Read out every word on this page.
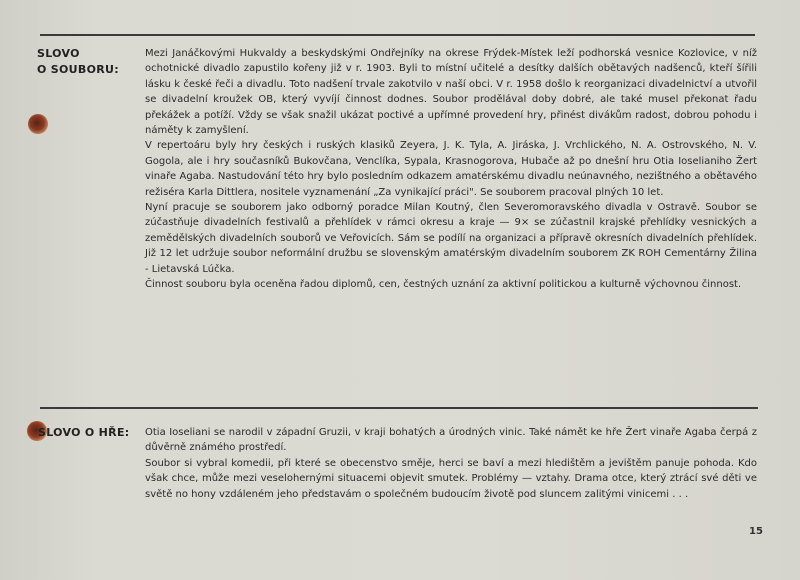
SLOVO
O SOUBORU:

Mezi Janáčkovými Hukvaldy a beskydskými Ondřejníky na okrese Frýdek-Místek leží podhorská vesnice Kozlovice, v níž ochotnické divadlo zapustilo kořeny již v r. 1903. Byli to místní učitelé a desítky dalších obětavých nadšenců, kteří šířili lásku k české řeči a divadlu. Toto nadšení trvale zakotvilo v naší obci. V r. 1958 došlo k reorganizaci divadelnictví a utvořil se divadelní kroužek OB, který vyvíjí činnost dodnes. Soubor prodělával doby dobré, ale také musel překonat řadu překážek a potíží. Vždy se však snažil ukázat poctivé a upřímné provedení hry, přinést divákům radost, dobrou pohodu i náměty k zamyšlení.

V repertoáru byly hry českých i ruských klasiků Zeyera, J. K. Tyla, A. Jiráska, J. Vrchlického, N. A. Ostrovského, N. V. Gogola, ale i hry současníků Bukovčana, Venclíka, Sypala, Krasnogorova, Hubače až po dnešní hru Otia Ioselianiho Žert vinaře Agaba. Nastudování této hry bylo posledním odkazem amatérskému divadlu neúnavného, nezištného a obětavého režiséra Karla Dittlera, nositele vyznamenání „Za vynikající práci". Se souborem pracoval plných 10 let.

Nyní pracuje se souborem jako odborný poradce Milan Koutný, člen Severomoravského divadla v Ostravě. Soubor se zúčastňuje divadelních festivalů a přehlídek v rámci okresu a kraje — 9× se zúčastnil krajské přehlídky vesnických a zemědělských divadelních souborů ve Veřovicích. Sám se podílí na organizaci a přípravě okresních divadelních přehlídek. Již 12 let udržuje soubor neformální družbu se slovenským amatérským divadelním souborem ZK ROH Cementárny Žilina - Lietavská Lúčka.

Činnost souboru byla oceněna řadou diplomů, cen, čestných uznání za aktivní politickou a kulturně výchovnou činnost.

SLOVO O HŘE: Otia Ioseliani se narodil v západní Gruzii, v kraji bohatých a úrodných vinic. Také námět ke hře Žert vinaře Agaba čerpá z důvěrně známého prostředí.

Soubor si vybral komedii, při které se obecenstvo směje, herci se baví a mezi hledištěm a jevištěm panuje pohoda. Kdo však chce, může mezi veselohernými situacemi objevit smutek. Problémy — vztahy. Drama otce, který ztrácí své děti ve světě no hony vzdáleném jeho představám o společném budoucím životě pod sluncem zalitými vinicemi . . .

15
